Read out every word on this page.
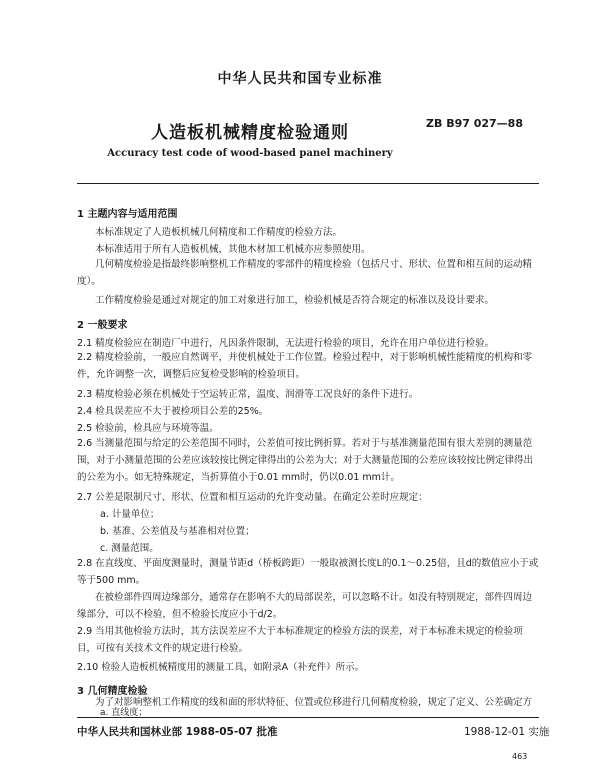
中华人民共和国专业标准
人造板机械精度检验通则	ZB B97 027—88
Accuracy test code of wood-based panel machinery
1 主题内容与适用范围
本标准规定了人造板机械几何精度和工作精度的检验方法。
本标准适用于所有人造板机械，其他木材加工机械亦应参照使用。
几何精度检验是指最终影响整机工作精度的零部件的精度检验（包括尺寸、形状、位置和相互间的运动精度）。
工作精度检验是通过对规定的加工对象进行加工，检验机械是否符合规定的标准以及设计要求。
2 一般要求
2.1 精度检验应在制造厂中进行，凡因条件限制，无法进行检验的项目，允许在用户单位进行检验。
2.2 精度检验前，一般应自然调平，并使机械处于工作位置。检验过程中，对于影响机械性能精度的机构和零件，允许调整一次，调整后应复检受影响的检验项目。
2.3 精度检验必须在机械处于空运转正常，温度、润滑等工况良好的条件下进行。
2.4 检具误差应不大于被检项目公差的25%。
2.5 检验前，检具应与环境等温。
2.6 当测量范围与给定的公差范围不同时，公差值可按比例折算。若对于与基准测量范围有很大差别的测量范围，对于小测量范围的公差应该较按比例定律得出的公差为大；对于大测量范围的公差应该较按比例定律得出的公差为小。如无特殊规定，当折算值小于0.01 mm时，仍以0.01 mm计。
2.7 公差是限制尺寸、形状、位置和相互运动的允许变动量。在确定公差时应规定：
a. 计量单位；
b. 基准、公差值及与基准相对位置；
c. 测量范围。
2.8 在直线度、平面度测量时，测量节距d（桥板跨距）一般取被测长度L的0.1～0.25倍，且d的数值应小于或等于500 mm。
在被检部件四周边缘部分，通常存在影响不大的局部误差，可以忽略不计。如没有特别规定，部件四周边缘部分，可以不检验，但不检验长度应小于d/2。
2.9 当用其他检验方法时，其方法误差应不大于本标准规定的检验方法的误差，对于本标准未规定的检验项目，可按有关技术文件的规定进行检验。
2.10 检验人造板机械精度用的测量工具，如附录A（补充件）所示。
3 几何精度检验
为了对影响整机工作精度的线和面的形状特征、位置或位移进行几何精度检验，规定了定义、公差确定方
a. 直线度；
中华人民共和国林业部 1988-05-07 批准	1988-12-01 实施
463
